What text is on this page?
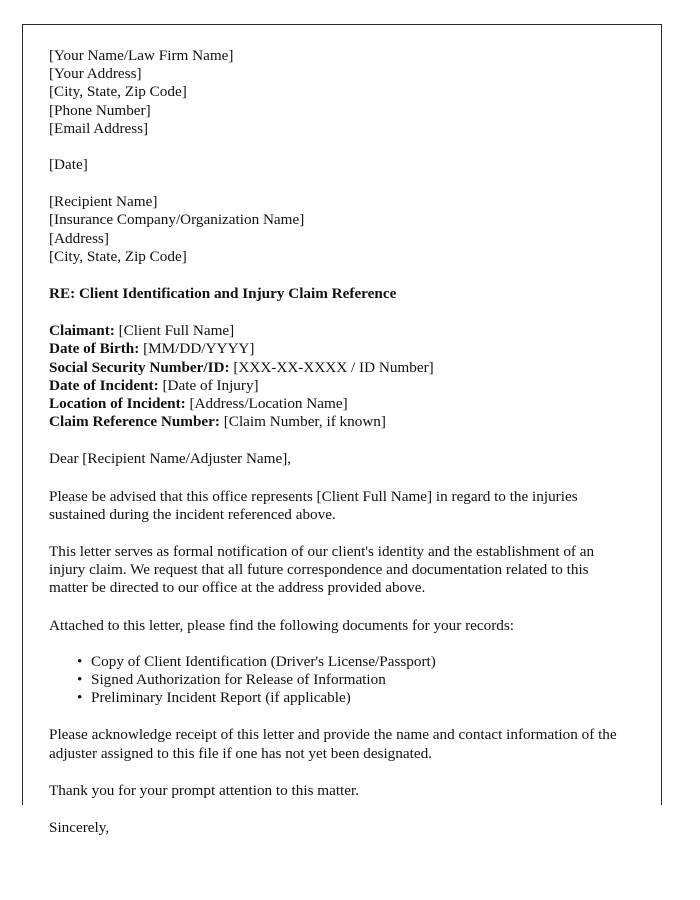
[Your Name/Law Firm Name]
[Your Address]
[City, State, Zip Code]
[Phone Number]
[Email Address]
[Date]
[Recipient Name]
[Insurance Company/Organization Name]
[Address]
[City, State, Zip Code]
RE: Client Identification and Injury Claim Reference
Claimant: [Client Full Name]
Date of Birth: [MM/DD/YYYY]
Social Security Number/ID: [XXX-XX-XXXX / ID Number]
Date of Incident: [Date of Injury]
Location of Incident: [Address/Location Name]
Claim Reference Number: [Claim Number, if known]
Dear [Recipient Name/Adjuster Name],

Please be advised that this office represents [Client Full Name] in regard to the injuries sustained during the incident referenced above.

This letter serves as formal notification of our client's identity and the establishment of an injury claim. We request that all future correspondence and documentation related to this matter be directed to our office at the address provided above.

Attached to this letter, please find the following documents for your records:

• Copy of Client Identification (Driver's License/Passport)
• Signed Authorization for Release of Information
• Preliminary Incident Report (if applicable)

Please acknowledge receipt of this letter and provide the name and contact information of the adjuster assigned to this file if one has not yet been designated.

Thank you for your prompt attention to this matter.

Sincerely,
